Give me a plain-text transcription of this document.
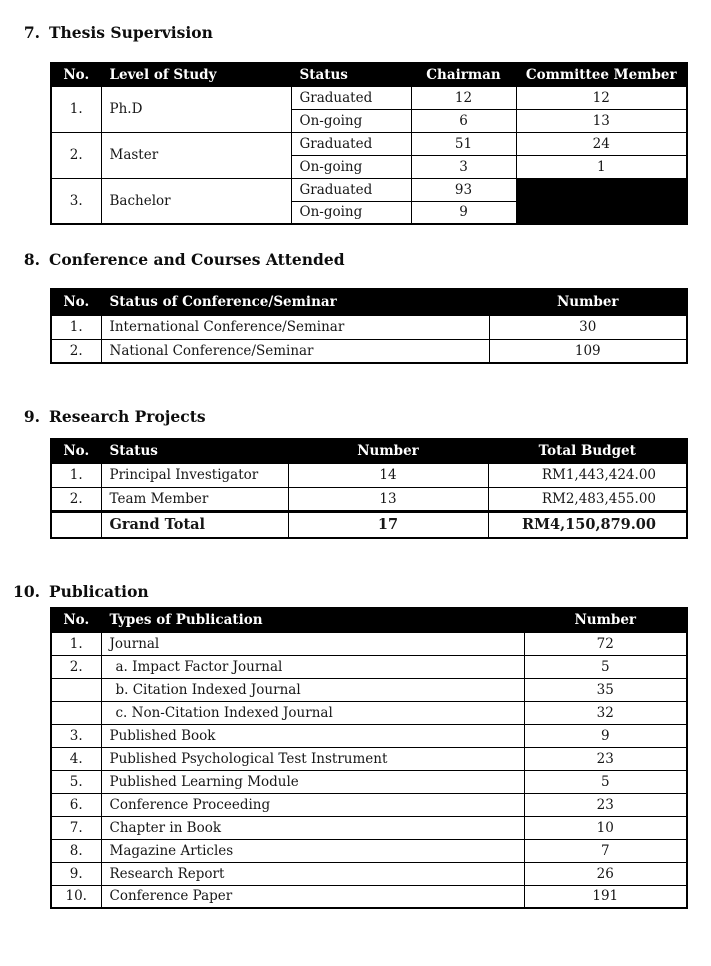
7. Thesis Supervision
No.	Level of Study	Status	Chairman	Committee Member
1.	Ph.D	Graduated	12	12
		On-going	6	13
2.	Master	Graduated	51	24
		On-going	3	1
3.	Bachelor	Graduated	93	
		On-going	9	
8. Conference and Courses Attended
No.	Status of Conference/Seminar	Number
1.	International Conference/Seminar	30
2.	National Conference/Seminar	109
9. Research Projects
No.	Status	Number	Total Budget
1.	Principal Investigator	14	RM1,443,424.00
2.	Team Member	13	RM2,483,455.00
	Grand Total	17	RM4,150,879.00
10. Publication
No.	Types of Publication	Number
1.	Journal	72
2.	a. Impact Factor Journal	5
	b. Citation Indexed Journal	35
	c. Non-Citation Indexed Journal	32
3.	Published Book	9
4.	Published Psychological Test Instrument	23
5.	Published Learning Module	5
6.	Conference Proceeding	23
7.	Chapter in Book	10
8.	Magazine Articles	7
9.	Research Report	26
10.	Conference Paper	191
